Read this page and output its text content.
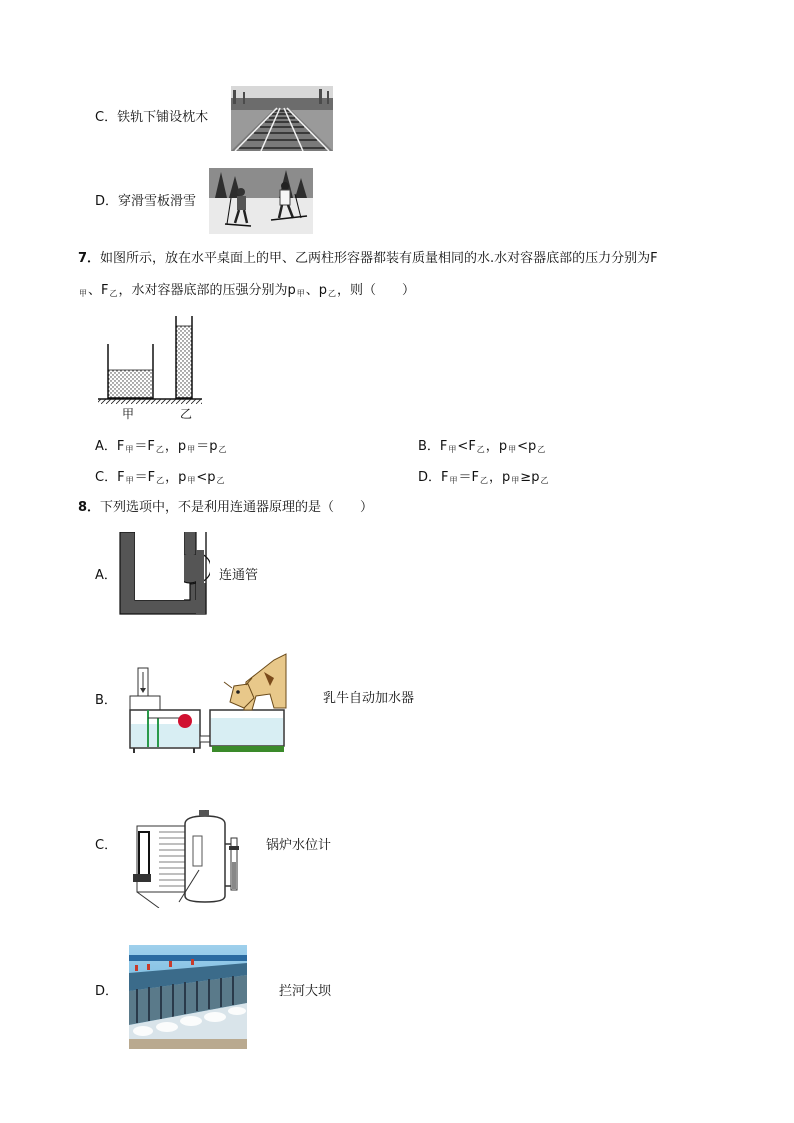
C．铁轨下铺设枕木
D．穿滑雪板滑雪
7．如图所示，放在水平桌面上的甲、乙两柱形容器都装有质量相同的水.水对容器底部的压力分别为F
$_甲$、$F_乙$，水对容器底部的压强分别为$p_甲$、$p_乙$，则（　　）
甲	乙
A．$F_甲=F_乙$，$p_甲=p_乙$	B．$F_甲<F_乙$，$p_甲<p_乙$
C．$F_甲=F_乙$，$p_甲<p_乙$	D．$F_甲=F_乙$，$p_甲\ge p_乙$
8．下列选项中，不是利用连通器原理的是（　　）
A．	连通管
B．	乳牛自动加水器
C．	锅炉水位计
D．	拦河大坝
